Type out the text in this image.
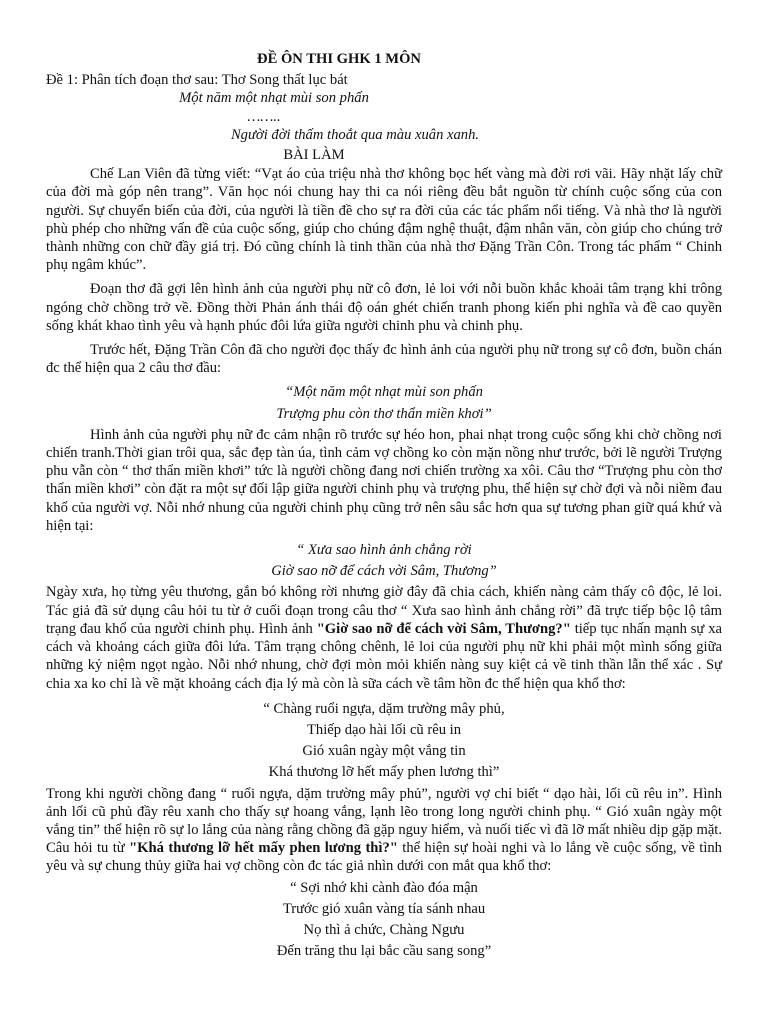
ĐỀ ÔN THI GHK 1 MÔN

Đề 1: Phân tích đoạn thơ sau: Thơ Song thất lục bát

Một năm một nhạt mùi son phấn

……..

Người đời thấm thoắt qua màu xuân xanh.

BÀI LÀM

Chế Lan Viên đã từng viết: “Vạt áo của triệu nhà thơ không bọc hết vàng mà đời rơi vãi. Hãy nhặt lấy chữ của đời mà góp nên trang”. Văn học nói chung hay thi ca nói riêng đều bắt nguồn từ chính cuộc sống của con người. Sự chuyển biến của đời, của người là tiền đề cho sự ra đời của các tác phẩm nổi tiếng. Và nhà thơ là người phù phép cho những vấn đề của cuộc sống, giúp cho chúng đậm nghệ thuật, đậm nhân văn, còn giúp cho chúng trở thành những con chữ đầy giá trị. Đó cũng chính là tinh thần của nhà thơ Đặng Trần Côn. Trong tác phẩm “ Chinh phụ ngâm khúc”.

Đoạn thơ đã gợi lên hình ảnh của người phụ nữ cô đơn, lẻ loi với nỗi buồn khắc khoải tâm trạng khi trông ngóng chờ chồng trở về. Đồng thời Phản ánh thái độ oán ghét chiến tranh phong kiến phi nghĩa và đề cao quyền sống khát khao tình yêu và hạnh phúc đôi lứa giữa người chinh phu và chinh phụ.

Trước hết, Đặng Trần Côn đã cho người đọc thấy đc hình ảnh của người phụ nữ trong sự cô đơn, buồn chán đc thể hiện qua 2 câu thơ đầu:

“Một năm một nhạt mùi son phấn

Trượng phu còn thơ thẩn miền khơi”

Hình ảnh của người phụ nữ đc cảm nhận rõ trước sự héo hon, phai nhạt trong cuộc sống khi chờ chồng nơi chiến tranh.Thời gian trôi qua, sắc đẹp tàn úa, tình cảm vợ chồng ko còn mặn nồng như trước, bởi lẽ người Trượng phu vẫn còn “ thơ thẩn miền khơi” tức là người chồng đang nơi chiến trường xa xôi. Câu thơ “Trượng phu còn thơ thẩn miền khơi” còn đặt ra một sự đối lập giữa người chinh phụ và trượng phu, thể hiện sự chờ đợi và nỗi niềm đau khổ của người vợ. Nỗi nhớ nhung của người chinh phụ cũng trở nên sâu sắc hơn qua sự tương phan giữ quá khứ và hiện tại:

“ Xưa sao hình ảnh chẳng rời

Giờ sao nỡ để cách vời Sâm, Thương”

Ngày xưa, họ từng yêu thương, gắn bó không rời nhưng giờ đây đã chia cách, khiến nàng cảm thấy cô độc, lẻ loi. Tác giả đã sử dụng câu hỏi tu từ ở cuối đoạn trong câu thơ “ Xưa sao hình ảnh chẳng rời” đã trực tiếp bộc lộ tâm trạng đau khổ của người chinh phụ. Hình ảnh "Giờ sao nỡ để cách vời Sâm, Thương?" tiếp tục nhấn mạnh sự xa cách và khoảng cách giữa đôi lứa. Tâm trạng chông chênh, lẻ loi của người phụ nữ khi phải một mình sống giữa những kỷ niệm ngọt ngào. Nỗi nhớ nhung, chờ đợi mòn mỏi khiến nàng suy kiệt cả về tinh thần lẫn thể xác . Sự chia xa ko chỉ là về mặt khoảng cách địa lý mà còn là sữa cách về tâm hồn đc thể hiện qua khổ thơ:

“ Chàng ruổi ngựa, dặm trường mây phủ,

Thiếp dạo hài lối cũ rêu in

Gió xuân ngày một vắng tin

Khá thương lỡ hết mấy phen lương thì”

Trong khi người chồng đang “ ruổi ngựa, dặm trường mây phủ”, người vợ chỉ biết “ dạo hài, lối cũ rêu in”. Hình ảnh lối cũ phủ đầy rêu xanh cho thấy sự hoang vắng, lạnh lẽo trong long người chinh phụ. “ Gió xuân ngày một vắng tin” thể hiện rõ sự lo lắng của nàng rằng chồng đã gặp nguy hiểm, và nuối tiếc vì đã lỡ mất nhiều dịp gặp mặt. Câu hỏi tu từ "Khá thương lỡ hết mấy phen lương thì?" thể hiện sự hoài nghi và lo lắng về cuộc sống, về tình yêu và sự chung thủy giữa hai vợ chồng còn đc tác giả nhìn dưới con mắt qua khổ thơ:

“ Sợi nhớ khi cành đào đóa mận

Trước gió xuân vàng tía sánh nhau

Nọ thì ả chức, Chàng Ngưu

Đến trăng thu lại bắc cầu sang song”
